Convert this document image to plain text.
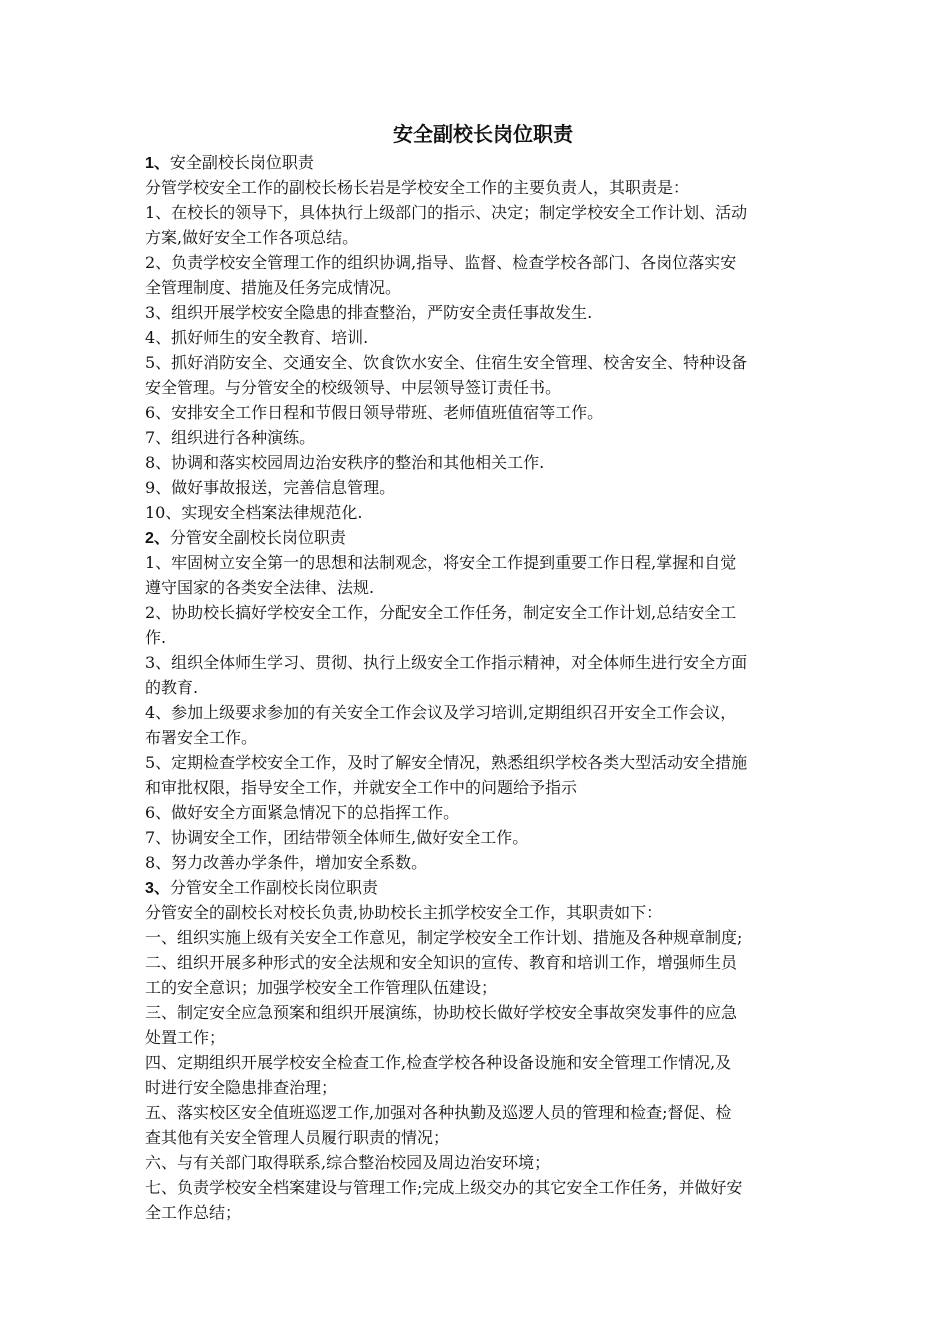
安全副校长岗位职责

1、安全副校长岗位职责

分管学校安全工作的副校长杨长岩是学校安全工作的主要负责人，其职责是：

1、在校长的领导下，具体执行上级部门的指示、决定；制定学校安全工作计划、活动

方案,做好安全工作各项总结。

2、负责学校安全管理工作的组织协调,指导、监督、检查学校各部门、各岗位落实安

全管理制度、措施及任务完成情况。

3、组织开展学校安全隐患的排查整治，严防安全责任事故发生.

4、抓好师生的安全教育、培训.

5、抓好消防安全、交通安全、饮食饮水安全、住宿生安全管理、校舍安全、特种设备

安全管理。与分管安全的校级领导、中层领导签订责任书。

6、安排安全工作日程和节假日领导带班、老师值班值宿等工作。

7、组织进行各种演练。

8、协调和落实校园周边治安秩序的整治和其他相关工作.

9、做好事故报送，完善信息管理。

10、实现安全档案法律规范化.

2、分管安全副校长岗位职责

1、牢固树立安全第一的思想和法制观念，将安全工作提到重要工作日程,掌握和自觉

遵守国家的各类安全法律、法规.

2、协助校长搞好学校安全工作，分配安全工作任务，制定安全工作计划,总结安全工

作.

3、组织全体师生学习、贯彻、执行上级安全工作指示精神，对全体师生进行安全方面

的教育.

4、参加上级要求参加的有关安全工作会议及学习培训,定期组织召开安全工作会议，

布署安全工作。

5、定期检查学校安全工作，及时了解安全情况，熟悉组织学校各类大型活动安全措施

和审批权限，指导安全工作，并就安全工作中的问题给予指示

6、做好安全方面紧急情况下的总指挥工作。

7、协调安全工作，团结带领全体师生,做好安全工作。

8、努力改善办学条件，增加安全系数。

3、分管安全工作副校长岗位职责

分管安全的副校长对校长负责,协助校长主抓学校安全工作，其职责如下：

一、组织实施上级有关安全工作意见，制定学校安全工作计划、措施及各种规章制度;

二、组织开展多种形式的安全法规和安全知识的宣传、教育和培训工作，增强师生员

工的安全意识；加强学校安全工作管理队伍建设；

三、制定安全应急预案和组织开展演练，协助校长做好学校安全事故突发事件的应急

处置工作；

四、定期组织开展学校安全检查工作,检查学校各种设备设施和安全管理工作情况,及

时进行安全隐患排查治理；

五、落实校区安全值班巡逻工作,加强对各种执勤及巡逻人员的管理和检查;督促、检

查其他有关安全管理人员履行职责的情况；

六、与有关部门取得联系,综合整治校园及周边治安环境；

七、负责学校安全档案建设与管理工作;完成上级交办的其它安全工作任务，并做好安

全工作总结；
